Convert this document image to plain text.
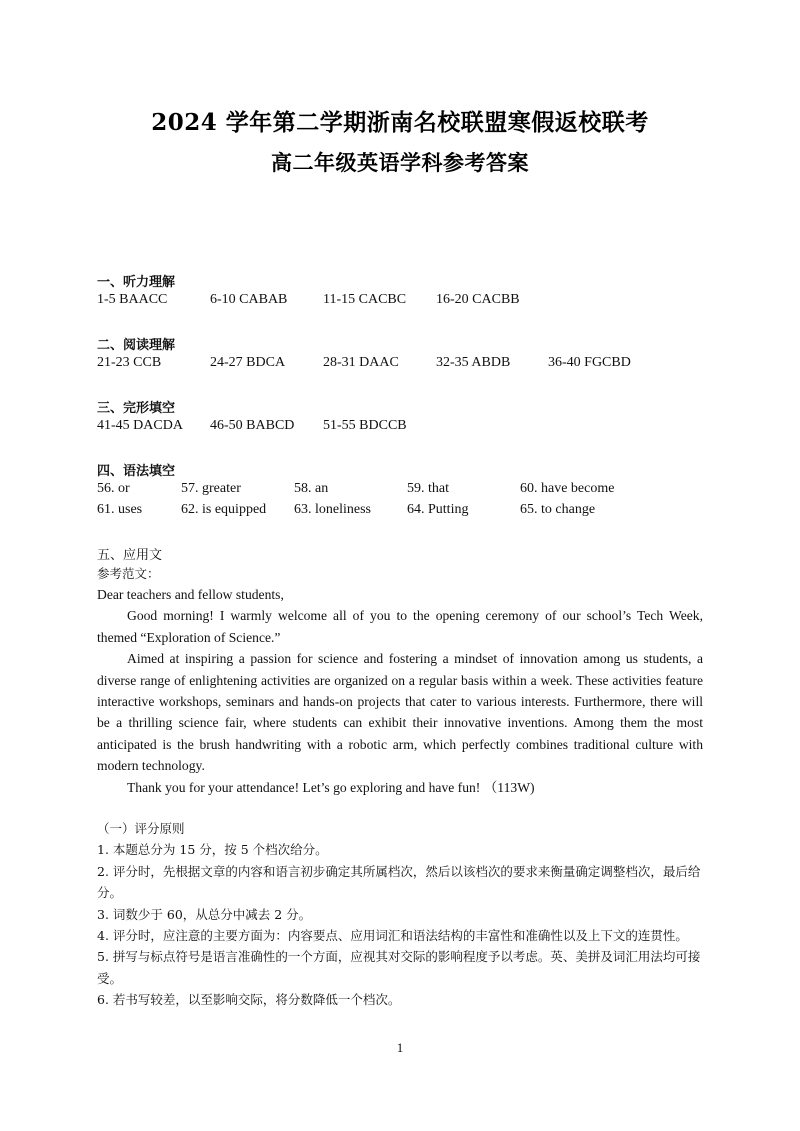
2024 学年第二学期浙南名校联盟寒假返校联考
高二年级英语学科参考答案
一、听力理解
1-5 BAACC	6-10 CABAB	11-15 CACBC 16-20 CACBB
二、阅读理解
21-23 CCB	24-27 BDCA	28-31 DAAC	32-35 ABDB	36-40 FGCBD
三、完形填空
41-45 DACDA 46-50 BABCD 51-55 BDCCB
四、语法填空
56. or	57. greater	58. an	59. that	60. have become
61. uses	62. is equipped 63. loneliness	64. Putting	65. to change
五、应用文

参考范文：

Dear teachers and fellow students,

Good morning! I warmly welcome all of you to the opening ceremony of our school’s Tech Week, themed “Exploration of Science.”

Aimed at inspiring a passion for science and fostering a mindset of innovation among us students, a diverse range of enlightening activities are organized on a regular basis within a week. These activities feature interactive workshops, seminars and hands-on projects that cater to various interests. Furthermore, there will be a thrilling science fair, where students can exhibit their innovative inventions. Among them the most anticipated is the brush handwriting with a robotic arm, which perfectly combines traditional culture with modern technology.

Thank you for your attendance! Let’s go exploring and have fun! （113W)

（一）评分原则

1. 本题总分为 15 分，按 5 个档次给分。

2. 评分时，先根据文章的内容和语言初步确定其所属档次，然后以该档次的要求来衡量确定调整档次，最后给分。

3. 词数少于 60，从总分中减去 2 分。

4. 评分时，应注意的主要方面为：内容要点、应用词汇和语法结构的丰富性和准确性以及上下文的连贯性。

5. 拼写与标点符号是语言准确性的一个方面，应视其对交际的影响程度予以考虑。英、美拼及词汇用法均可接受。

6. 若书写较差，以至影响交际，将分数降低一个档次。

1
